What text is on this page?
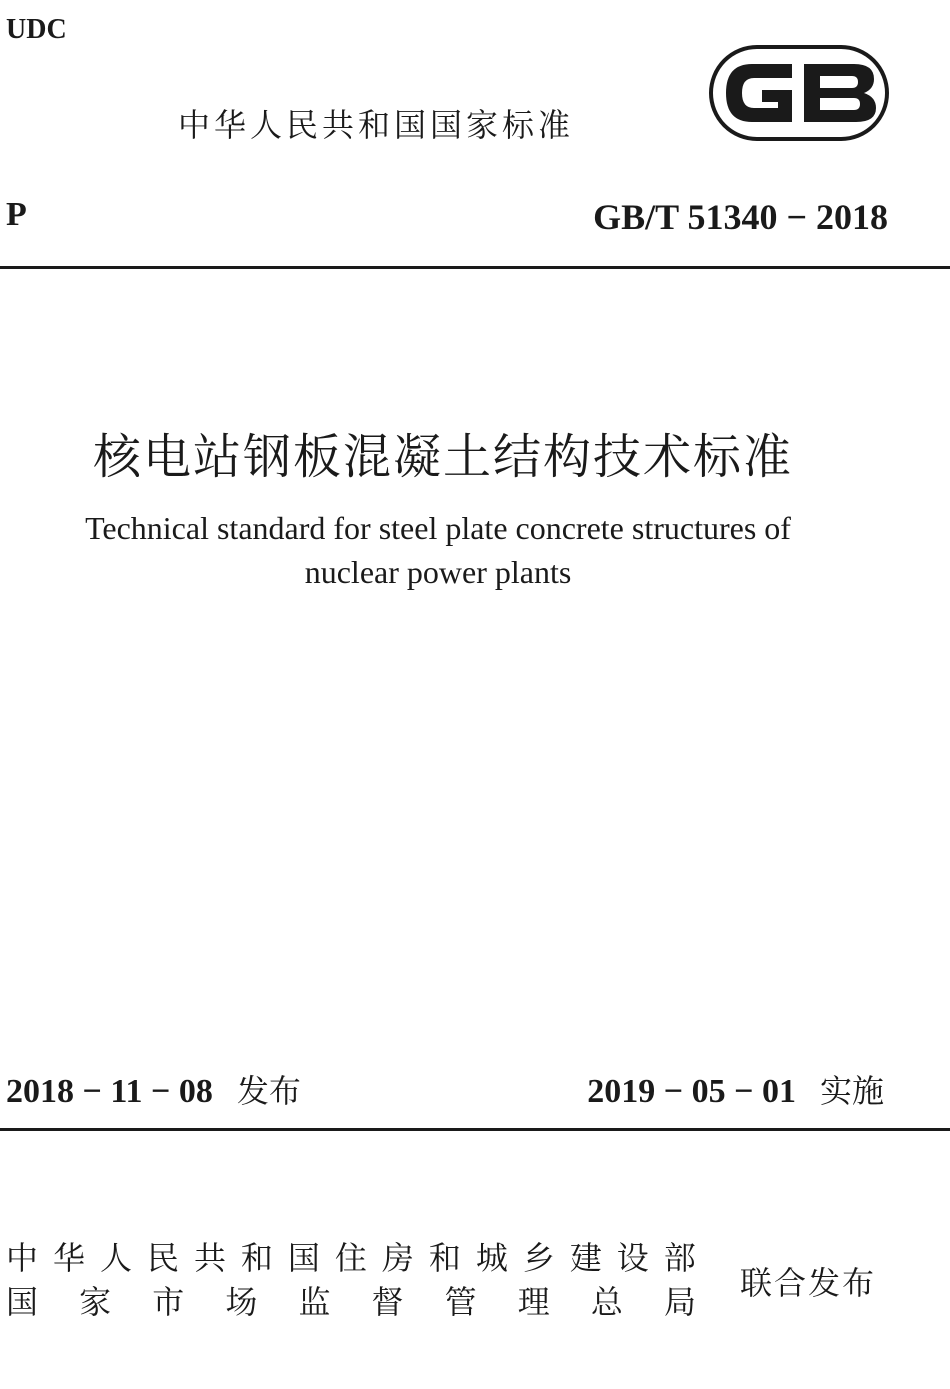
UDC
中华人民共和国国家标准
P	GB/T 51340 − 2018
核电站钢板混凝土结构技术标准
Technical standard for steel plate concrete structures of
nuclear power plants
2018 − 11 − 08 发布	2019 − 05 − 01 实施
中 华 人 民 共 和 国 住 房 和 城 乡 建 设 部
国 家 市 场 监 督 管 理 总 局 联合发布
